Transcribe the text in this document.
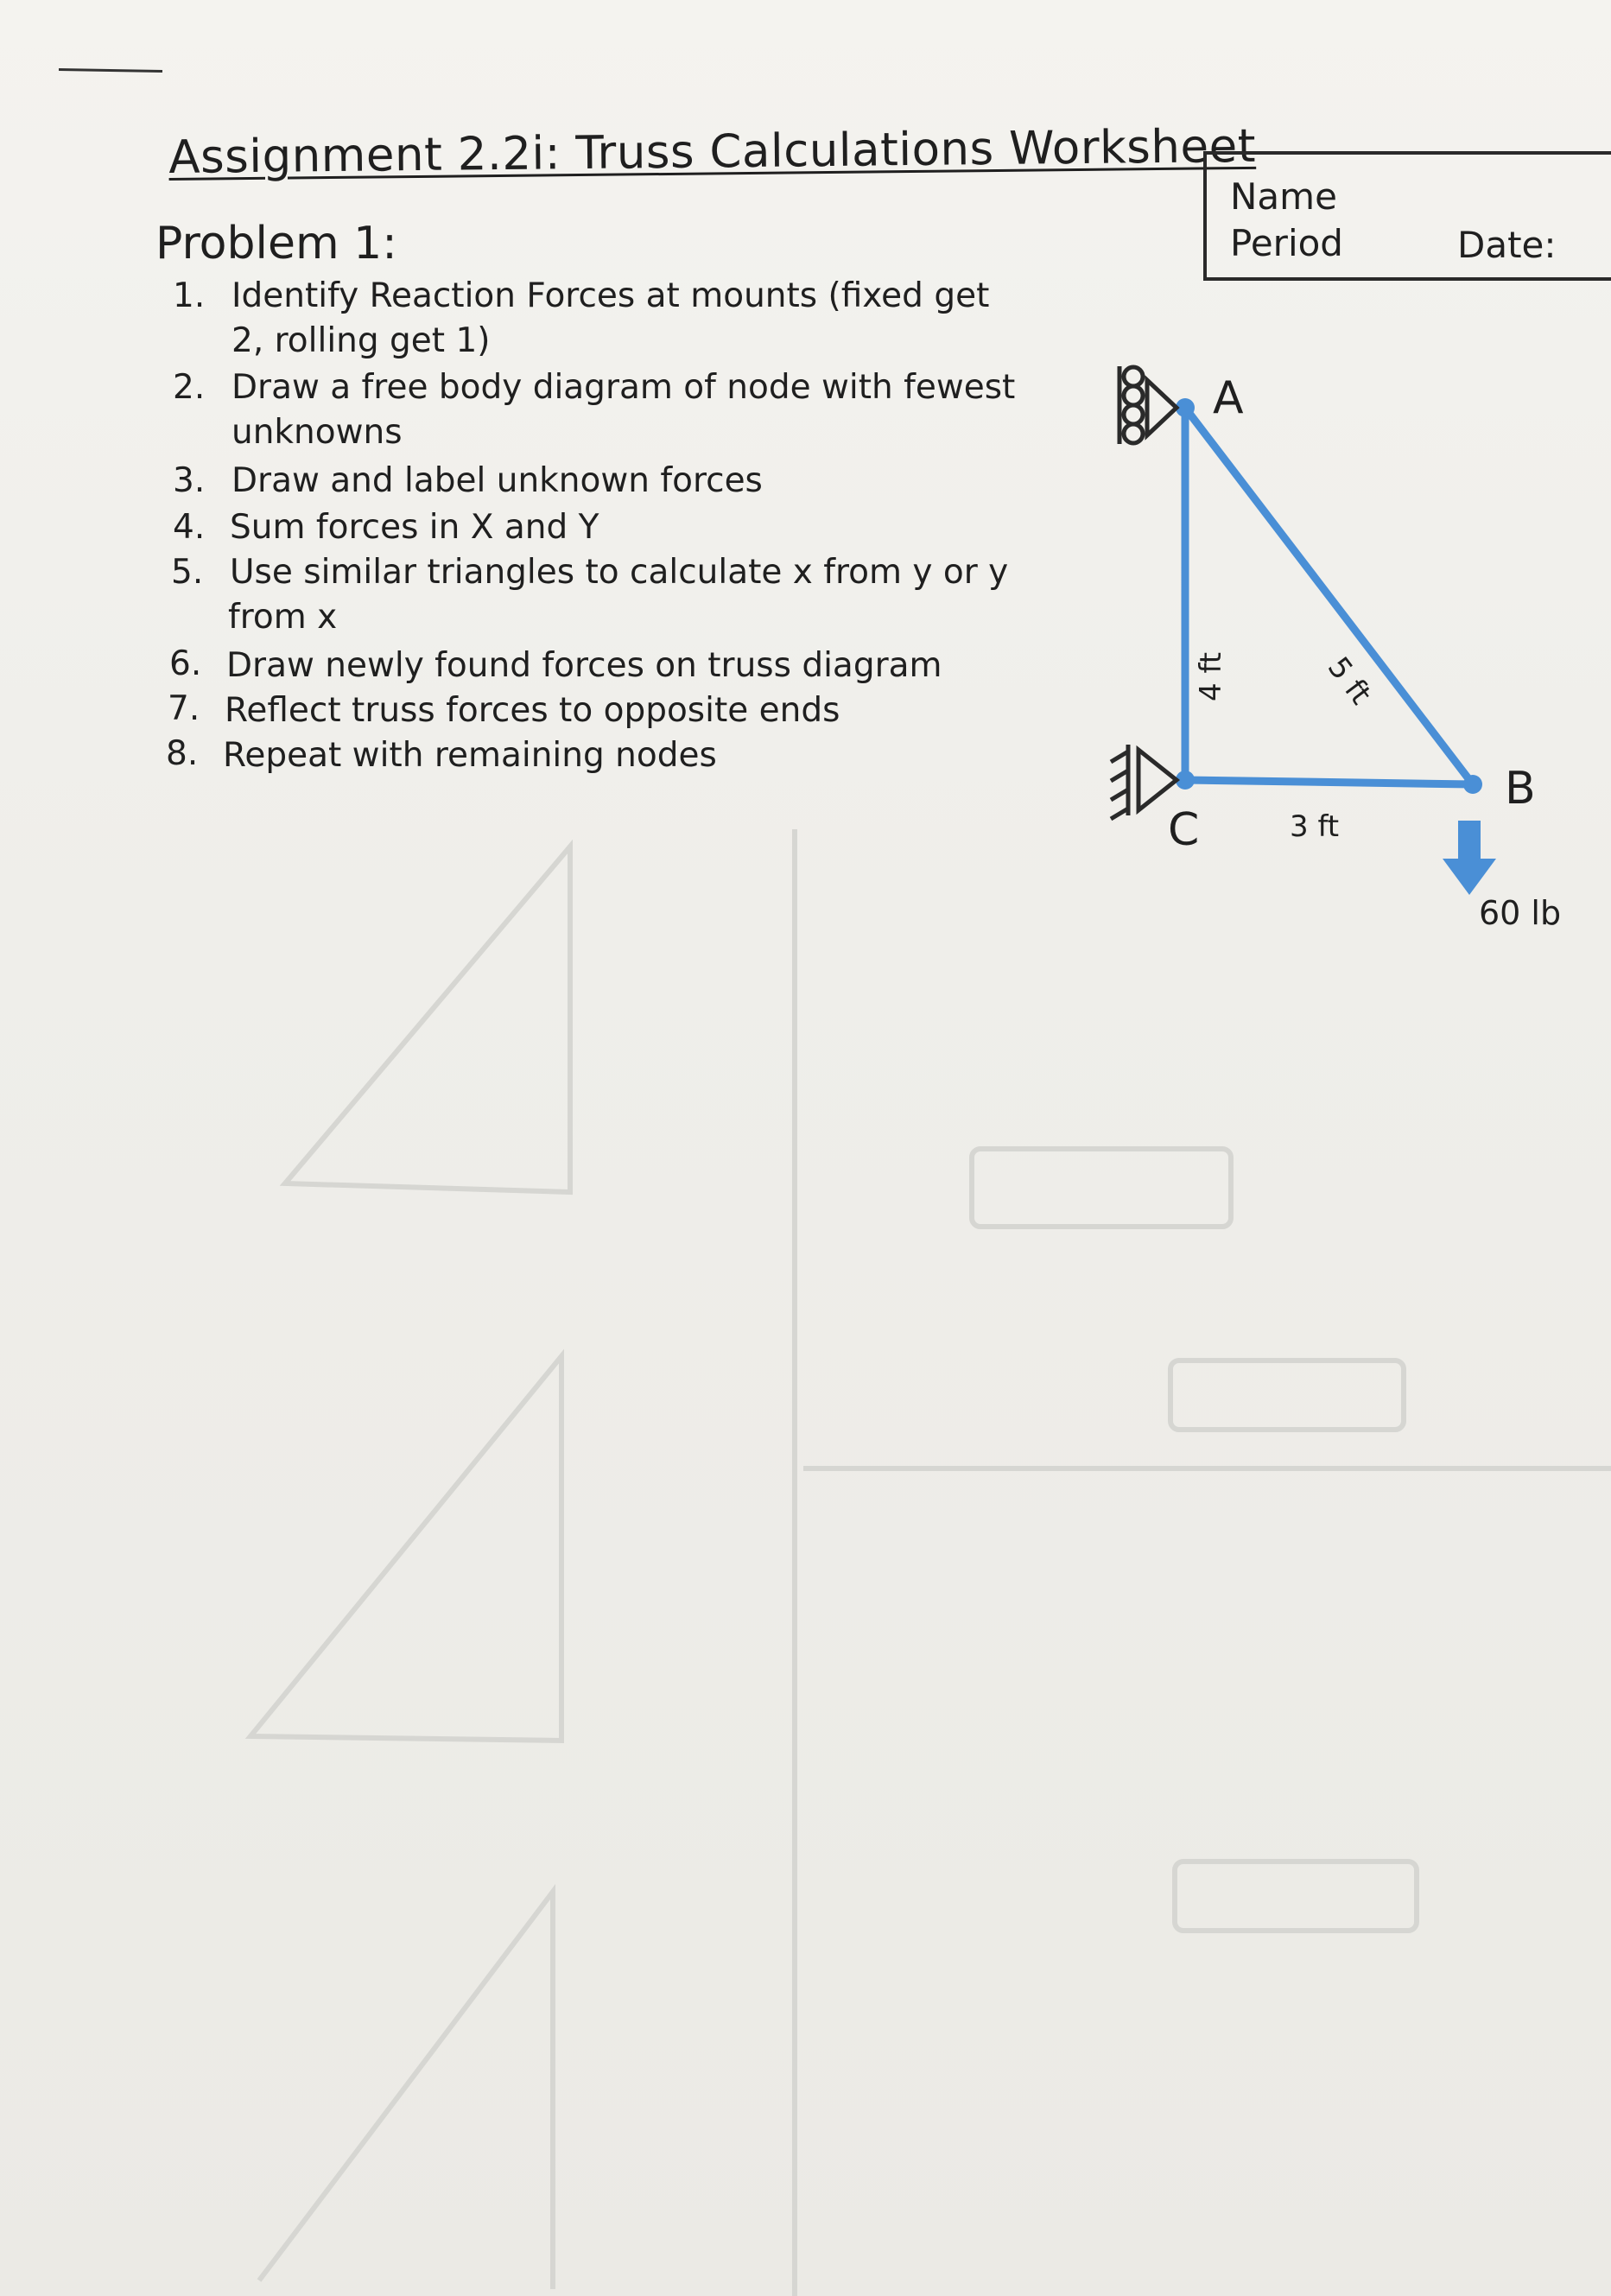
Assignment 2.2i: Truss Calculations Worksheet
Name
Period	Date:
Problem 1:
1. Identify Reaction Forces at mounts (fixed get
2, rolling get 1)
2. Draw a free body diagram of node with fewest
unknowns
3. Draw and label unknown forces
4. Sum forces in X and Y
5. Use similar triangles to calculate x from y or y
from x
6. Draw newly found forces on truss diagram
7. Reflect truss forces to opposite ends
8. Repeat with remaining nodes
A
B
C
4 ft	5 ft
3 ft
60 lb
